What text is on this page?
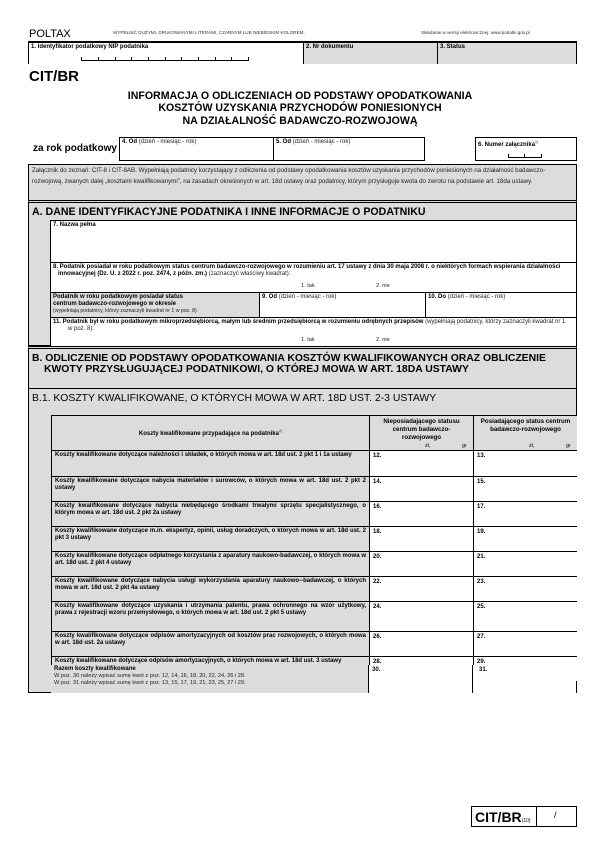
POLTAX	WYPEŁNIĆ DUŻYMI, DRUKOWANYMI LITERAMI, CZARNYM LUB NIEBIESKIM KOLOREM.	Składanie w wersji elektronicznej: www.podatki.gov.pl
1. Identyfikator podatkowy NIP podatnika	2. Nr dokumentu	3. Status
CIT/BR
INFORMACJA O ODLICZENIACH OD PODSTAWY OPODATKOWANIA
KOSZTÓW UZYSKANIA PRZYCHODÓW PONIESIONYCH
NA DZIAŁALNOŚĆ BADAWCZO-ROZWOJOWĄ
za rok podatkowy
4. Od (dzień - miesiąc - rok)	5. Od (dzień - miesiąc - rok)	6. Numer załącznika$^{1)}$
Załącznik do zeznań: CIT-8 i CIT-8AB. Wypełniają podatnicy korzystający z odliczenia od podstawy opodatkowania kosztów uzyskania przychodów poniesionych na działalność badawczo-rozwojową, zwanych dalej „kosztami kwalifikowanymi”, na zasadach określonych w art. 18d ustawy oraz podatnicy, którym przysługuje kwota do zwrotu na podstawie art. 18da ustawy.
A. DANE IDENTYFIKACYJNE PODATNIKA I INNE INFORMACJE O PODATNIKU
7. Nazwa pełna
8. Podatnik posiadał w roku podatkowym status centrum badawczo-rozwojowego w rozumieniu art. 17 ustawy z dnia 30 maja 2008 r. o niektórych formach wspierania działalności innowacyjnej (Dz. U. z 2022 r. poz. 2474, z późn. zm.) (zaznaczyć właściwy kwadrat):
1. tak	2. nie
Podatnik w roku podatkowym posiadał status centrum badawczo-rozwojowego w okresie
(wypełniają podatnicy, którzy zaznaczyli kwadrat nr 1 w poz. 8)
9. Od (dzień - miesiąc - rok)	10. Do (dzień - miesiąc - rok)
11. Podatnik był w roku podatkowym mikroprzedsiębiorcą, małym lub średnim przedsiębiorcą w rozumieniu odrębnych przepisów (wypełniają podatnicy, którzy zaznaczyli kwadrat nr 1 w poz. 8):
1. tak	2. nie
B. ODLICZENIE OD PODSTAWY OPODATKOWANIA KOSZTÓW KWALIFIKOWANYCH ORAZ OBLICZENIE KWOTY PRZYSŁUGUJĄCEJ PODATNIKOWI, O KTÓREJ MOWA W ART. 18DA USTAWY
B.1. KOSZTY KWALIFIKOWANE, O KTÓRYCH MOWA W ART. 18D UST. 2-3 USTAWY
Koszty kwalifikowane przypadające na podatnika$^{2)}$
Nieposiadającego statusu centrum badawczo-rozwojowego
zł,	gr
Posiadającego status centrum badawczo-rozwojowego
zł,	gr
Koszty kwalifikowane dotyczące należności i składek, o których mowa w art. 18d ust. 2 pkt 1 i 1a ustawy	12.	13.
Koszty kwalifikowane dotyczące nabycia materiałów i surowców, o których mowa w art. 18d ust. 2 pkt 2 ustawy
14.	15.
Koszty kwalifikowane dotyczące nabycia niebędącego środkami trwałymi sprzętu specjalistycznego, o którym mowa w art. 18d ust. 2 pkt 2a ustawy
16.	17.
Koszty kwalifikowane dotyczące m.in. ekspertyz, opinii, usług doradczych, o których mowa w art. 18d ust. 2 pkt 3 ustawy
18.	19.
Koszty kwalifikowane dotyczące odpłatnego korzystania z aparatury naukowo-badawczej, o których mowa w art. 18d ust. 2 pkt 4 ustawy
20.	21.
Koszty kwalifikowane dotyczące nabycia usługi wykorzystania aparatury naukowo--badawczej, o których mowa w art. 18d ust. 2 pkt 4a ustawy
22.	23.
Koszty kwalifikowane dotyczące uzyskania i utrzymania patentu, prawa ochronnego na wzór użytkowy, prawa z rejestracji wzoru przemysłowego, o których mowa w art. 18d ust. 2 pkt 5 ustawy
24.	25.
Koszty kwalifikowane dotyczące odpisów amortyzacyjnych od kosztów prac rozwojowych, o których mowa w art. 18d ust. 2a ustawy
26.	27.
Koszty kwalifikowane dotyczące odpisów amortyzacyjnych, o których mowa w art. 18d ust. 3 ustawy	28.	29.
Razem koszty kwalifikowane
W poz. 30 należy wpisać sumę kwot z poz. 12, 14, 16, 18, 20, 22, 24, 26 i 28.
W poz. 31 należy wpisać sumę kwot z poz. 13, 15, 17, 19, 21, 23, 25, 27 i 29.
30.	31.
CIT/BR(10)
/
